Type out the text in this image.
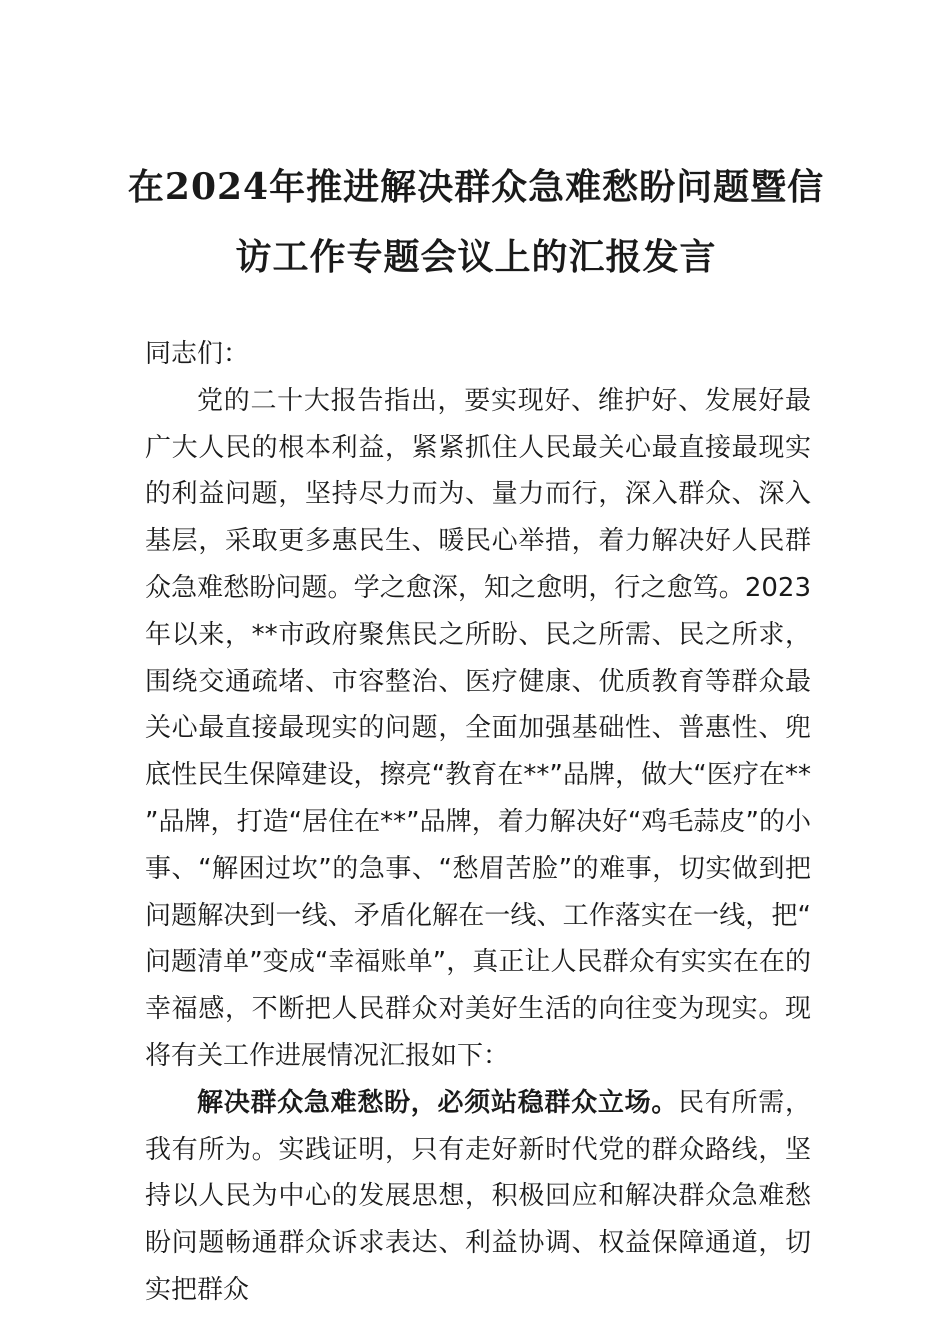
在2024年推进解决群众急难愁盼问题暨信
访工作专题会议上的汇报发言

同志们：

党的二十大报告指出，要实现好、维护好、发展好最广大人民的根本利益，紧紧抓住人民最关心最直接最现实的利益问题，坚持尽力而为、量力而行，深入群众、深入基层，采取更多惠民生、暖民心举措，着力解决好人民群众急难愁盼问题。学之愈深，知之愈明，行之愈笃。2023年以来，**市政府聚焦民之所盼、民之所需、民之所求，围绕交通疏堵、市容整治、医疗健康、优质教育等群众最关心最直接最现实的问题，全面加强基础性、普惠性、兜底性民生保障建设，擦亮“教育在**”品牌，做大“医疗在**”品牌，打造“居住在**”品牌，着力解决好“鸡毛蒜皮”的小事、“解困过坎”的急事、“愁眉苦脸”的难事，切实做到把问题解决到一线、矛盾化解在一线、工作落实在一线，把“问题清单”变成“幸福账单”，真正让人民群众有实实在在的幸福感，不断把人民群众对美好生活的向往变为现实。现将有关工作进展情况汇报如下：

解决群众急难愁盼，必须站稳群众立场。民有所需，我有所为。实践证明，只有走好新时代党的群众路线，坚持以人民为中心的发展思想，积极回应和解决群众急难愁盼问题畅通群众诉求表达、利益协调、权益保障通道，切实把群众
